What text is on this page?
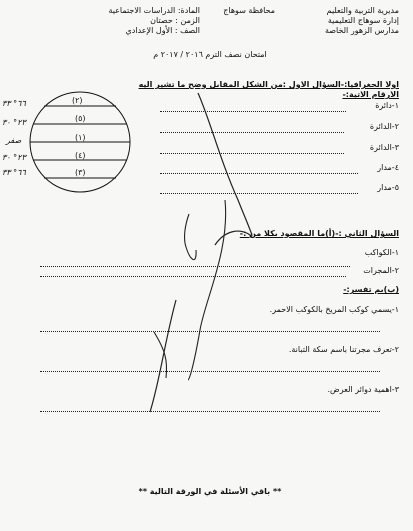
مديرية التربية والتعليم
إدارة سوهاج التعليمية
مدارس الزهور الخاصة
محافظة سوهاج
المادة: الدراسات الاجتماعية
الزمن : حصتان
الصف : الأول الإعدادي
امتحان نصف الترم ٢٠١٦ / ٢٠١٧ م
اولا الجغرافيا:-السؤال الاول :من الشكل المقابل وضح ما تشير اليه الارقام الاتية:-
١-دائرة
٢-الدائرة
٣-الدائرة
٤-مدار
٥-مدار
(٢)
(٥)
(١)
(٤)
(٣)
٦٦° ٣٣
٢٣° ٣٠
صفر
٢٣° ٣٠
٦٦° ٣٣
السؤال الثاني :-(أ)ما المقصود بكلا من :-
١-الكواكب
٢-المجرات
(ب)بم تفسر:-
١-يسمي كوكب المريخ بالكوكب الاحمر.
٢-تعرف مجرتنا باسم سكة التبانة.
٣-اهمية دوائر العرض.
** باقي الأسئلة في الورقة التالية **
